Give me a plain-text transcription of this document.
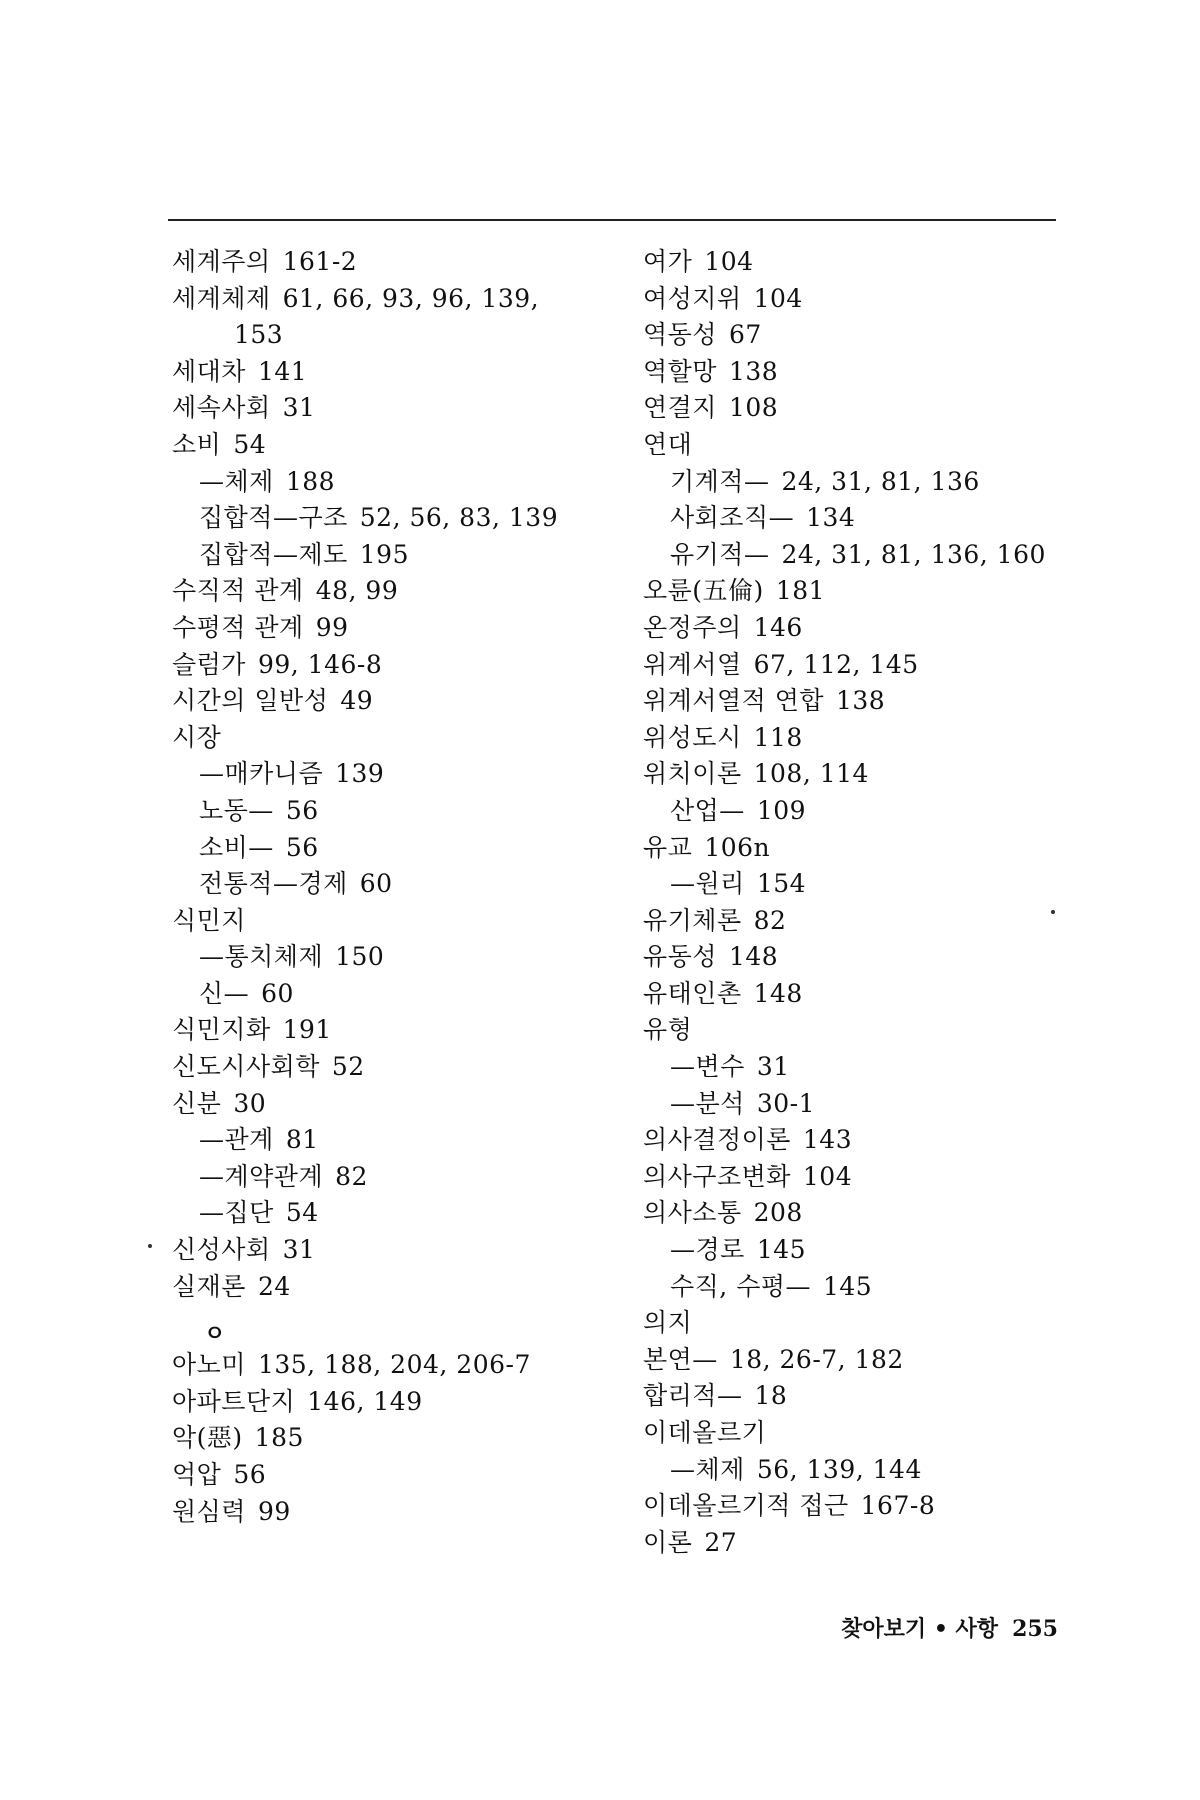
세계주의 161-2
세계체제 61, 66, 93, 96, 139,
153
세대차 141
세속사회 31
소비 54
—체제 188
집합적—구조 52, 56, 83, 139
집합적—제도 195
수직적 관계 48, 99
수평적 관계 99
슬럼가 99, 146-8
시간의 일반성 49
시장
—매카니즘 139
노동— 56
소비— 56
전통적—경제 60
식민지
—통치체제 150
신— 60
식민지화 191
신도시사회학 52
신분 30
—관계 81
—계약관계 82
—집단 54
신성사회 31
실재론 24
ㅇ
아노미 135, 188, 204, 206-7
아파트단지 146, 149
악(惡) 185
억압 56
원심력 99
여가 104
여성지위 104
역동성 67
역할망 138
연결지 108
연대
기계적— 24, 31, 81, 136
사회조직— 134
유기적— 24, 31, 81, 136, 160
오륜(五倫) 181
온정주의 146
위계서열 67, 112, 145
위계서열적 연합 138
위성도시 118
위치이론 108, 114
산업— 109
유교 106n
—원리 154
유기체론 82
유동성 148
유태인촌 148
유형
—변수 31
—분석 30-1
의사결정이론 143
의사구조변화 104
의사소통 208
—경로 145
수직, 수평— 145
의지
본연— 18, 26-7, 182
합리적— 18
이데올르기
—체제 56, 139, 144
이데올르기적 접근 167-8
이론 27
찾아보기 • 사항 255
